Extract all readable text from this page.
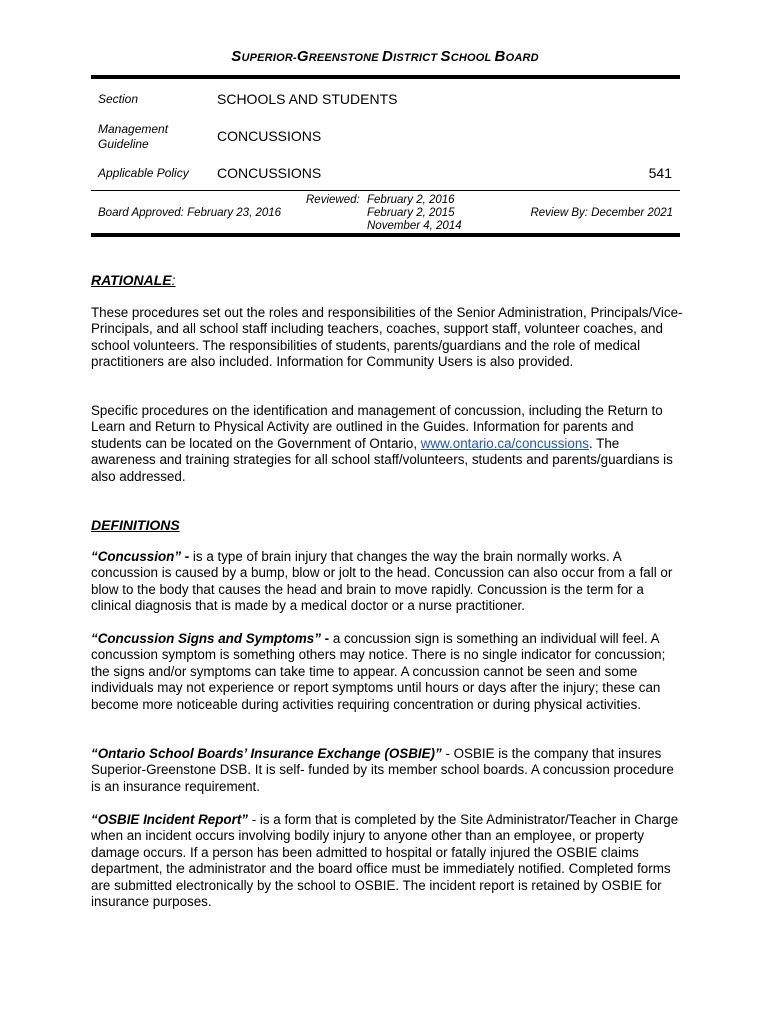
SUPERIOR-GREENSTONE DISTRICT SCHOOL BOARD
Section	SCHOOLS AND STUDENTS
Management
Guideline	CONCUSSIONS
Applicable Policy CONCUSSIONS	541
Board Approved: February 23, 2016
Reviewed: February 2, 2016
February 2, 2015
November 4, 2014
Review By: December 2021
RATIONALE:
These procedures set out the roles and responsibilities of the Senior Administration, Principals/Vice-Principals, and all school staff including teachers, coaches, support staff, volunteer coaches, and school volunteers. The responsibilities of students, parents/guardians and the role of medical practitioners are also included. Information for Community Users is also provided.
Specific procedures on the identification and management of concussion, including the Return to Learn and Return to Physical Activity are outlined in the Guides. Information for parents and students can be located on the Government of Ontario, www.ontario.ca/concussions. The awareness and training strategies for all school staff/volunteers, students and parents/guardians is also addressed.
DEFINITIONS
“Concussion” - is a type of brain injury that changes the way the brain normally works. A concussion is caused by a bump, blow or jolt to the head. Concussion can also occur from a fall or blow to the body that causes the head and brain to move rapidly. Concussion is the term for a clinical diagnosis that is made by a medical doctor or a nurse practitioner.
“Concussion Signs and Symptoms” - a concussion sign is something an individual will feel. A concussion symptom is something others may notice. There is no single indicator for concussion; the signs and/or symptoms can take time to appear. A concussion cannot be seen and some individuals may not experience or report symptoms until hours or days after the injury; these can become more noticeable during activities requiring concentration or during physical activities.
“Ontario School Boards’ Insurance Exchange (OSBIE)” - OSBIE is the company that insures Superior-Greenstone DSB. It is self- funded by its member school boards. A concussion procedure is an insurance requirement.
“OSBIE Incident Report” - is a form that is completed by the Site Administrator/Teacher in Charge when an incident occurs involving bodily injury to anyone other than an employee, or property damage occurs. If a person has been admitted to hospital or fatally injured the OSBIE claims department, the administrator and the board office must be immediately notified. Completed forms are submitted electronically by the school to OSBIE. The incident report is retained by OSBIE for insurance purposes.
